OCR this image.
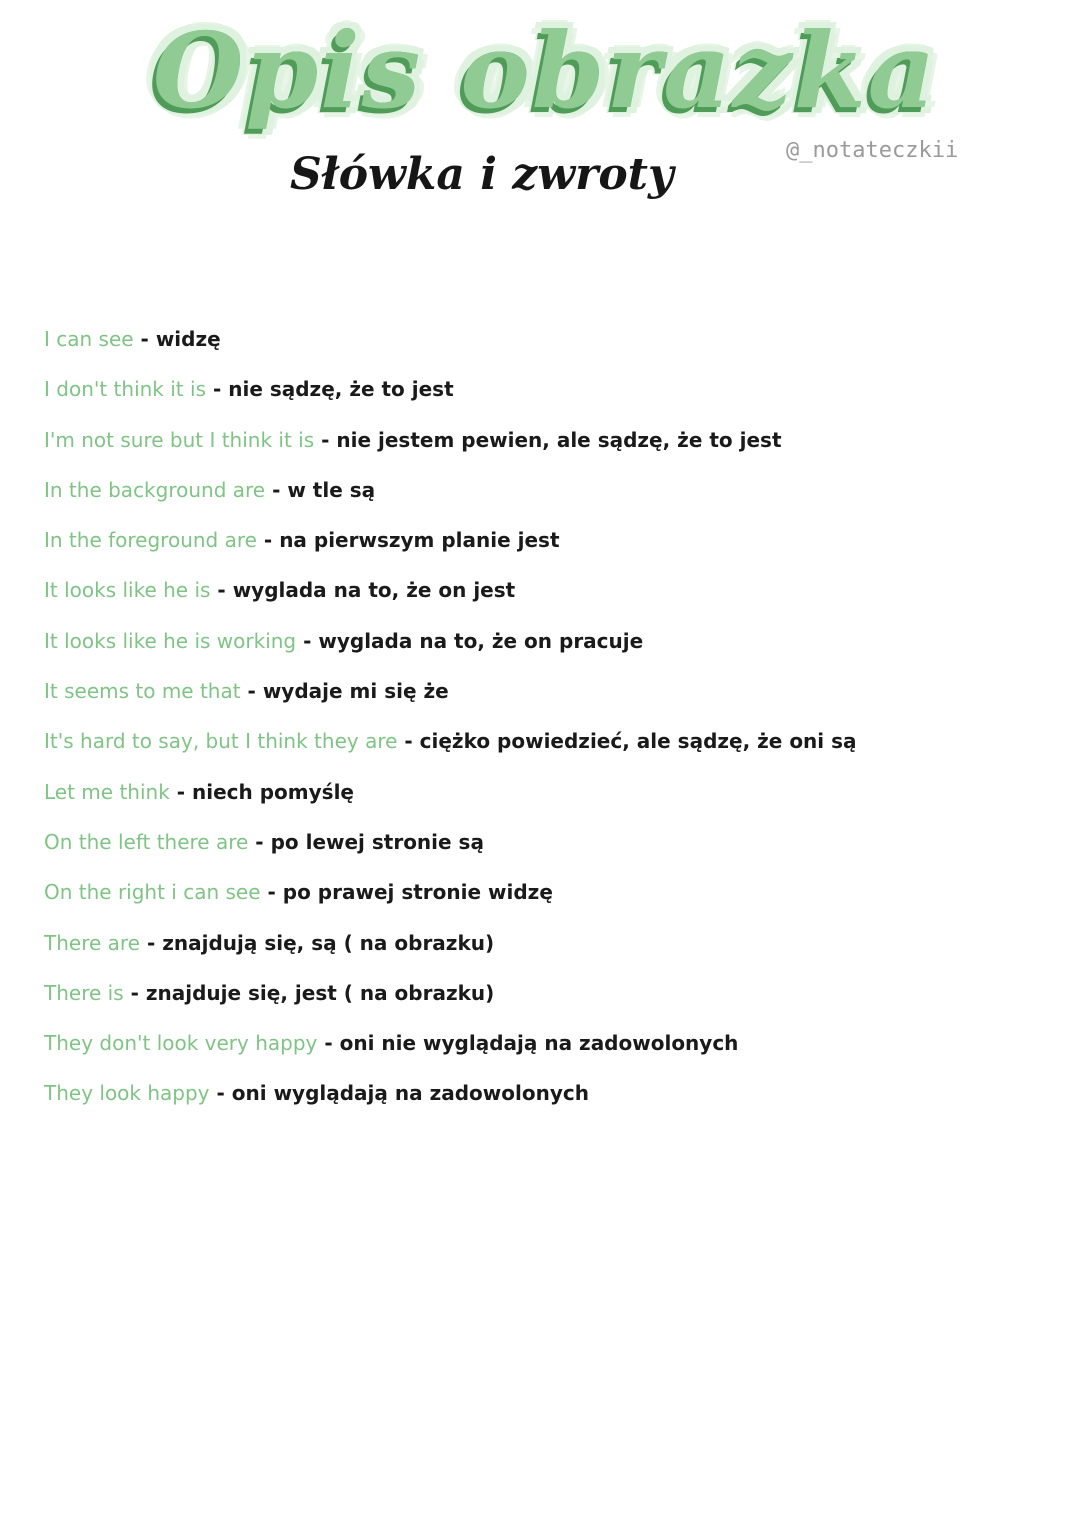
Opis obrazka
Słówka i zwroty	@_notateczkii
I can see - widzę
I don't think it is - nie sądzę, że to jest
I'm not sure but I think it is - nie jestem pewien, ale sądzę, że to jest
In the background are - w tle są
In the foreground are - na pierwszym planie jest
It looks like he is - wyglada na to, że on jest
It looks like he is working - wyglada na to, że on pracuje
It seems to me that - wydaje mi się że
It's hard to say, but I think they are - ciężko powiedzieć, ale sądzę, że oni są
Let me think - niech pomyślę
On the left there are - po lewej stronie są
On the right i can see - po prawej stronie widzę
There are - znajdują się, są ( na obrazku)
There is - znajduje się, jest ( na obrazku)
They don't look very happy - oni nie wyglądają na zadowolonych
They look happy - oni wyglądają na zadowolonych
